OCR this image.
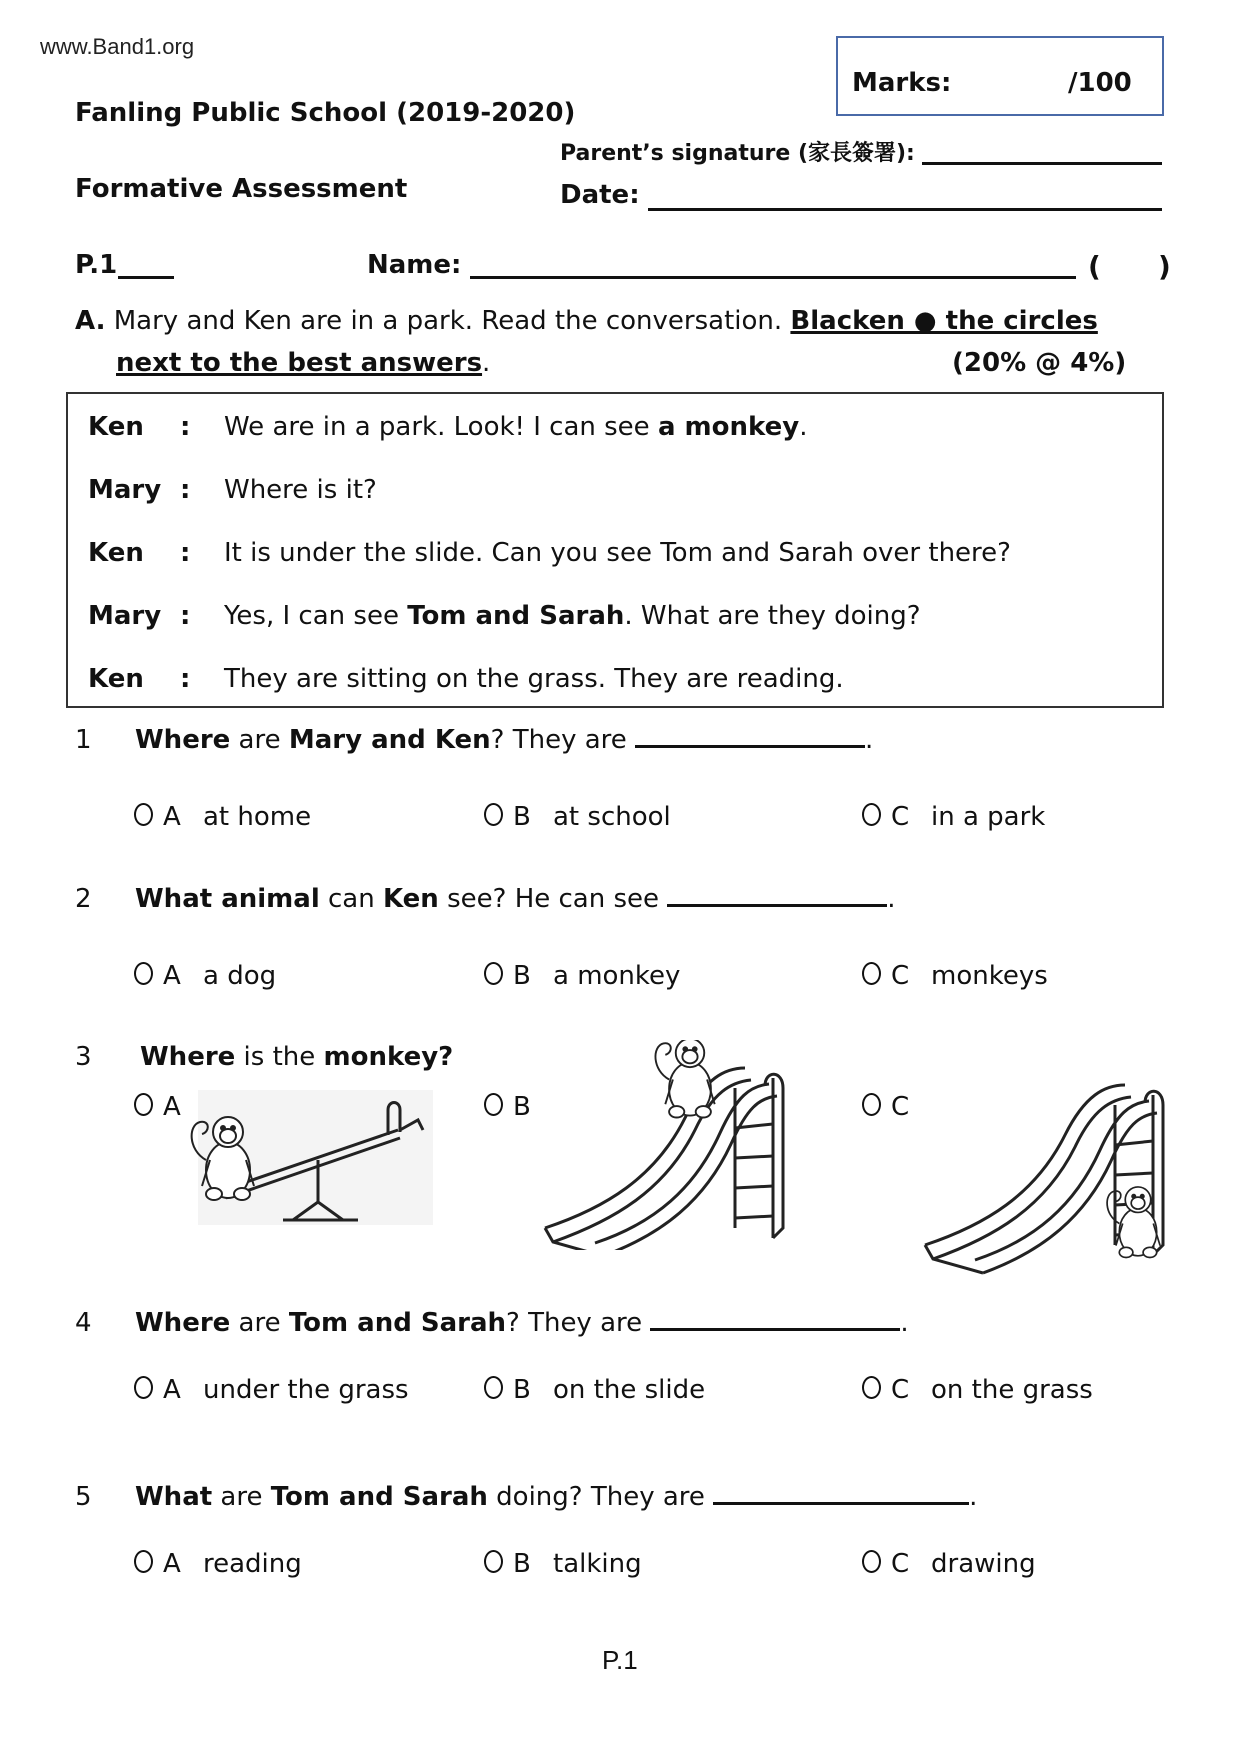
www.Band1.org
Marks:	/100
Fanling Public School (2019-2020)
Formative Assessment
Parent’s signature (家長簽署):
Date:
P.1	Name:	( )
A. Mary and Ken are in a park. Read the conversation. Blacken ● the circles
next to the best answers.	(20% @ 4%)
Ken : We are in a park. Look! I can see a monkey.
Mary : Where is it?
Ken : It is under the slide. Can you see Tom and Sarah over there?
Mary : Yes, I can see Tom and Sarah. What are they doing?
Ken : They are sitting on the grass. They are reading.
1 Where are Mary and Ken? They are	.
A at home	B at school	C in a park
2 What animal can Ken see? He can see	.
A a dog	B a monkey	C monkeys
3 Where is the monkey?
A	B	C
4 Where are Tom and Sarah? They are	.
A under the grass	B on the slide	C on the grass
5 What are Tom and Sarah doing? They are	.
A reading	B talking	C drawing
P.1
